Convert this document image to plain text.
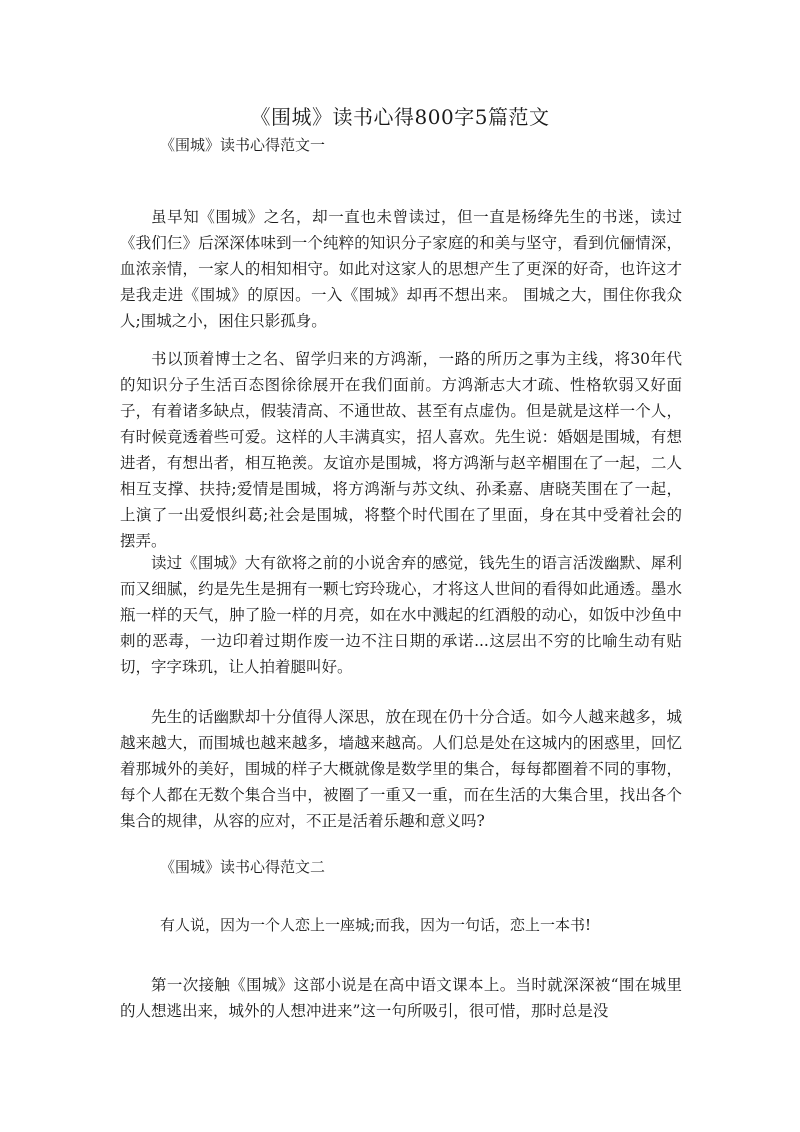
《围城》读书心得800字5篇范文

《围城》读书心得范文一

虽早知《围城》之名，却一直也未曾读过，但一直是杨绛先生的书迷，读过《我们仨》后深深体味到一个纯粹的知识分子家庭的和美与坚守，看到伉俪情深，血浓亲情，一家人的相知相守。如此对这家人的思想产生了更深的好奇，也许这才是我走进《围城》的原因。一入《围城》却再不想出来。 围城之大，围住你我众人;围城之小，困住只影孤身。

书以顶着博士之名、留学归来的方鸿渐，一路的所历之事为主线，将30年代的知识分子生活百态图徐徐展开在我们面前。方鸿渐志大才疏、性格软弱又好面子，有着诸多缺点，假装清高、不通世故、甚至有点虚伪。但是就是这样一个人，有时候竟透着些可爱。这样的人丰满真实，招人喜欢。先生说：婚姻是围城，有想进者，有想出者，相互艳羡。友谊亦是围城，将方鸿渐与赵辛楣围在了一起，二人相互支撑、扶持;爱情是围城，将方鸿渐与苏文纨、孙柔嘉、唐晓芙围在了一起，上演了一出爱恨纠葛;社会是围城，将整个时代围在了里面，身在其中受着社会的摆弄。

读过《围城》大有欲将之前的小说舍弃的感觉，钱先生的语言活泼幽默、犀利而又细腻，约是先生是拥有一颗七窍玲珑心，才将这人世间的看得如此通透。墨水瓶一样的天气，肿了脸一样的月亮，如在水中溅起的红酒般的动心，如饭中沙鱼中刺的恶毒，一边印着过期作废一边不注日期的承诺...这层出不穷的比喻生动有贴切，字字珠玑，让人拍着腿叫好。

先生的话幽默却十分值得人深思，放在现在仍十分合适。如今人越来越多，城越来越大，而围城也越来越多，墙越来越高。人们总是处在这城内的困惑里，回忆着那城外的美好，围城的样子大概就像是数学里的集合，每每都圈着不同的事物，每个人都在无数个集合当中，被圈了一重又一重，而在生活的大集合里，找出各个集合的规律，从容的应对，不正是活着乐趣和意义吗?

《围城》读书心得范文二

有人说，因为一个人恋上一座城;而我，因为一句话，恋上一本书!

第一次接触《围城》这部小说是在高中语文课本上。当时就深深被“围在城里的人想逃出来，城外的人想冲进来”这一句所吸引，很可惜，那时总是没
